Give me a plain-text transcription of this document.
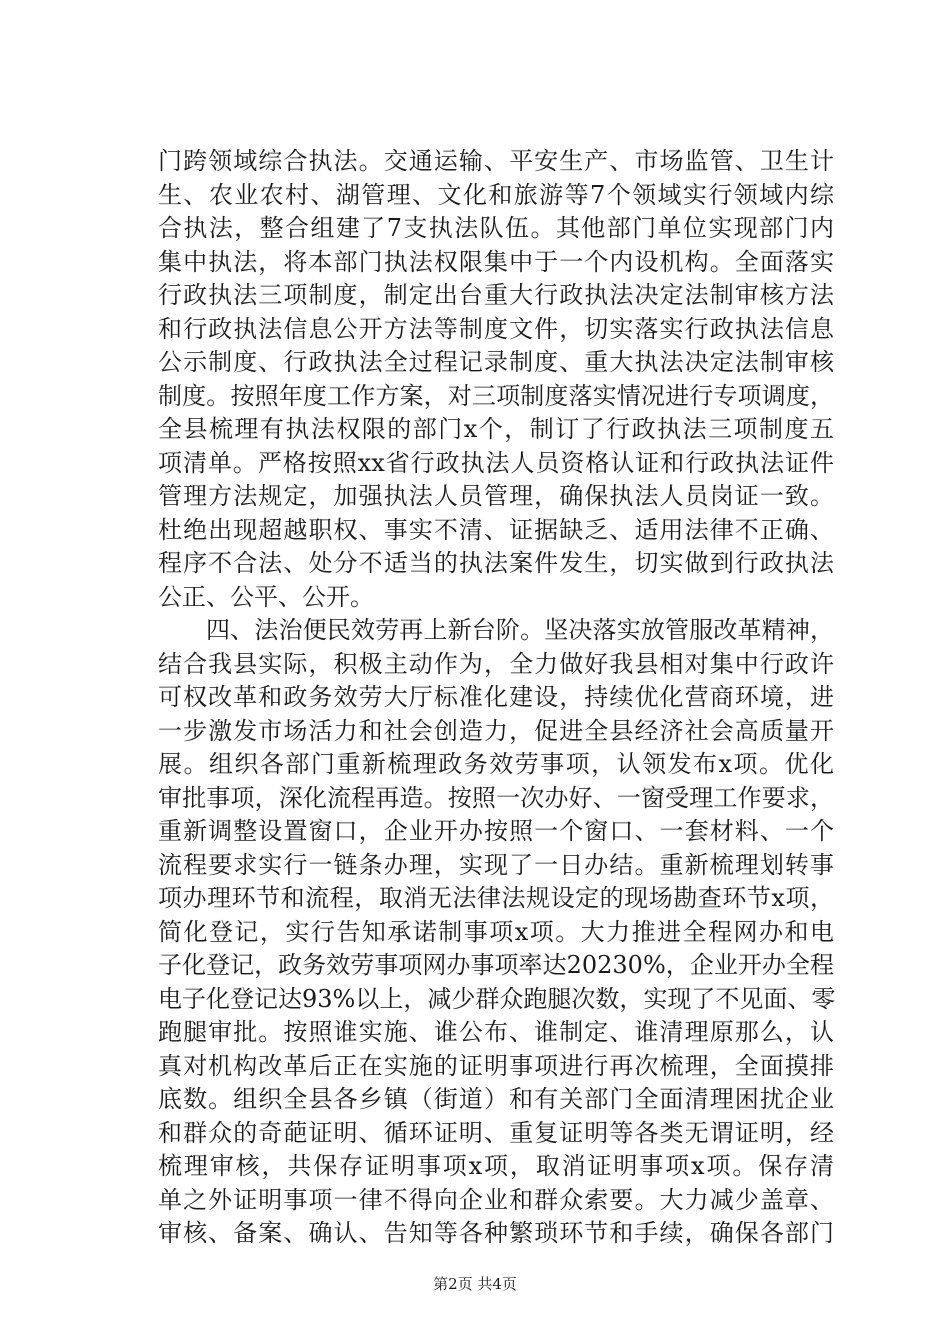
门跨领域综合执法。交通运输、平安生产、市场监管、卫生计
生、农业农村、湖管理、文化和旅游等7个领域实行领域内综
合执法，整合组建了7支执法队伍。其他部门单位实现部门内
集中执法，将本部门执法权限集中于一个内设机构。全面落实
行政执法三项制度，制定出台重大行政执法决定法制审核方法
和行政执法信息公开方法等制度文件，切实落实行政执法信息
公示制度、行政执法全过程记录制度、重大执法决定法制审核
制度。按照年度工作方案，对三项制度落实情况进行专项调度，
全县梳理有执法权限的部门x个，制订了行政执法三项制度五
项清单。严格按照xx省行政执法人员资格认证和行政执法证件
管理方法规定，加强执法人员管理，确保执法人员岗证一致。
杜绝出现超越职权、事实不清、证据缺乏、适用法律不正确、
程序不合法、处分不适当的执法案件发生，切实做到行政执法
公正、公平、公开。
四、法治便民效劳再上新台阶。坚决落实放管服改革精神，
结合我县实际，积极主动作为，全力做好我县相对集中行政许
可权改革和政务效劳大厅标准化建设，持续优化营商环境，进
一步激发市场活力和社会创造力，促进全县经济社会高质量开
展。组织各部门重新梳理政务效劳事项，认领发布x项。优化
审批事项，深化流程再造。按照一次办好、一窗受理工作要求，
重新调整设置窗口，企业开办按照一个窗口、一套材料、一个
流程要求实行一链条办理，实现了一日办结。重新梳理划转事
项办理环节和流程，取消无法律法规设定的现场勘查环节x项，
简化登记，实行告知承诺制事项x项。大力推进全程网办和电
子化登记，政务效劳事项网办事项率达20230%，企业开办全程
电子化登记达93%以上，减少群众跑腿次数，实现了不见面、零
跑腿审批。按照谁实施、谁公布、谁制定、谁清理原那么，认
真对机构改革后正在实施的证明事项进行再次梳理，全面摸排
底数。组织全县各乡镇（街道）和有关部门全面清理困扰企业
和群众的奇葩证明、循环证明、重复证明等各类无谓证明，经
梳理审核，共保存证明事项x项，取消证明事项x项。保存清
单之外证明事项一律不得向企业和群众索要。大力减少盖章、
审核、备案、确认、告知等各种繁琐环节和手续，确保各部门
第2页 共4页
